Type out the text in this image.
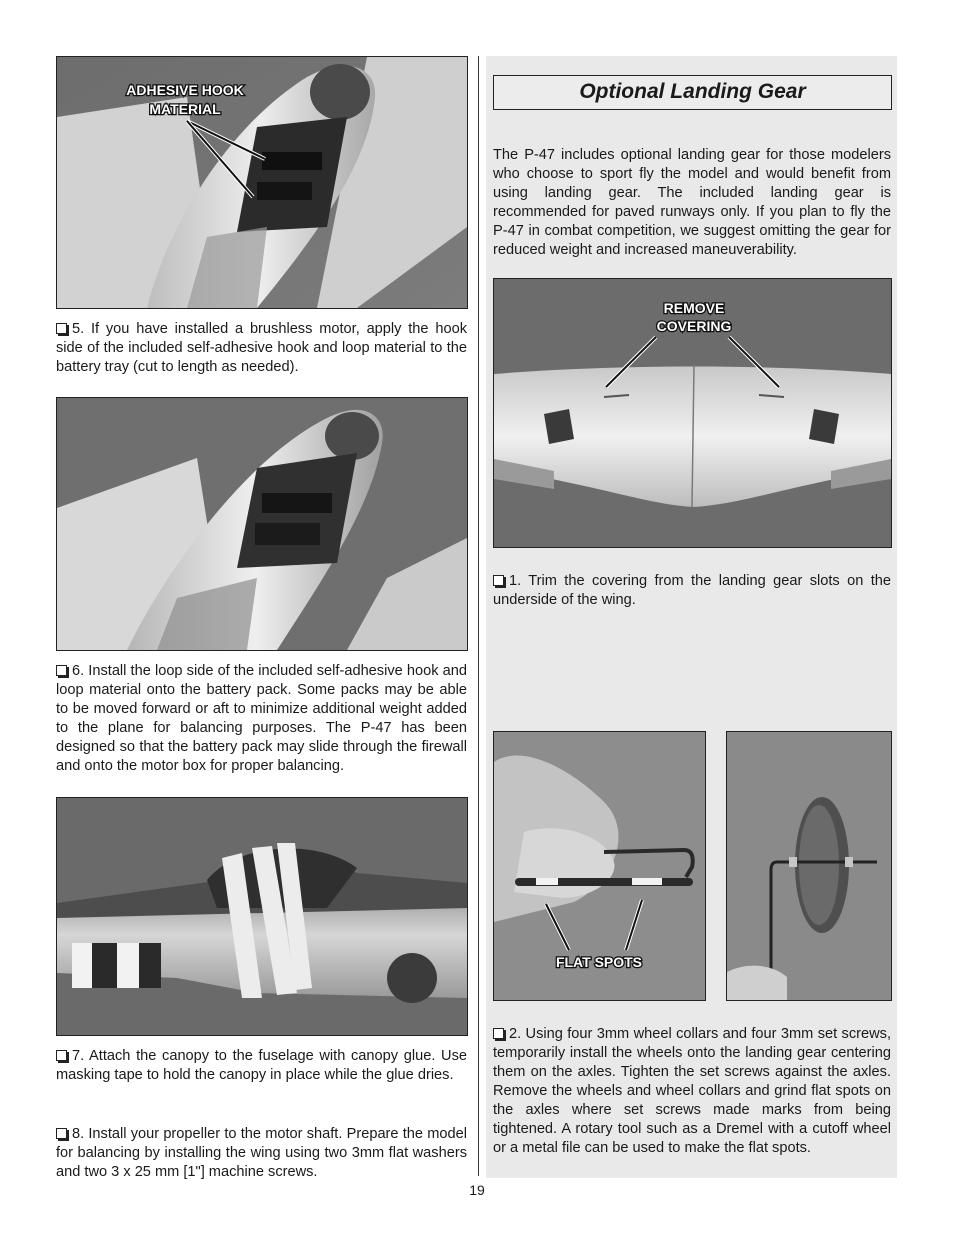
ADHESIVE HOOK
MATERIAL

5. If you have installed a brushless motor, apply the hook side of the included self-adhesive hook and loop material to the battery tray (cut to length as needed).

6. Install the loop side of the included self-adhesive hook and loop material onto the battery pack. Some packs may be able to be moved forward or aft to minimize additional weight added to the plane for balancing purposes. The P-47 has been designed so that the battery pack may slide through the firewall and onto the motor box for proper balancing.

7. Attach the canopy to the fuselage with canopy glue. Use masking tape to hold the canopy in place while the glue dries.

8. Install your propeller to the motor shaft. Prepare the model for balancing by installing the wing using two 3mm flat washers and two 3 x 25 mm [1"] machine screws.

Optional Landing Gear

The P-47 includes optional landing gear for those modelers who choose to sport fly the model and would benefit from using landing gear. The included landing gear is recommended for paved runways only. If you plan to fly the P-47 in combat competition, we suggest omitting the gear for reduced weight and increased maneuverability.

REMOVE
COVERING

1. Trim the covering from the landing gear slots on the underside of the wing.

FLAT SPOTS

2. Using four 3mm wheel collars and four 3mm set screws, temporarily install the wheels onto the landing gear centering them on the axles. Tighten the set screws against the axles. Remove the wheels and wheel collars and grind flat spots on the axles where set screws made marks from being tightened. A rotary tool such as a Dremel with a cutoff wheel or a metal file can be used to make the flat spots.

19
